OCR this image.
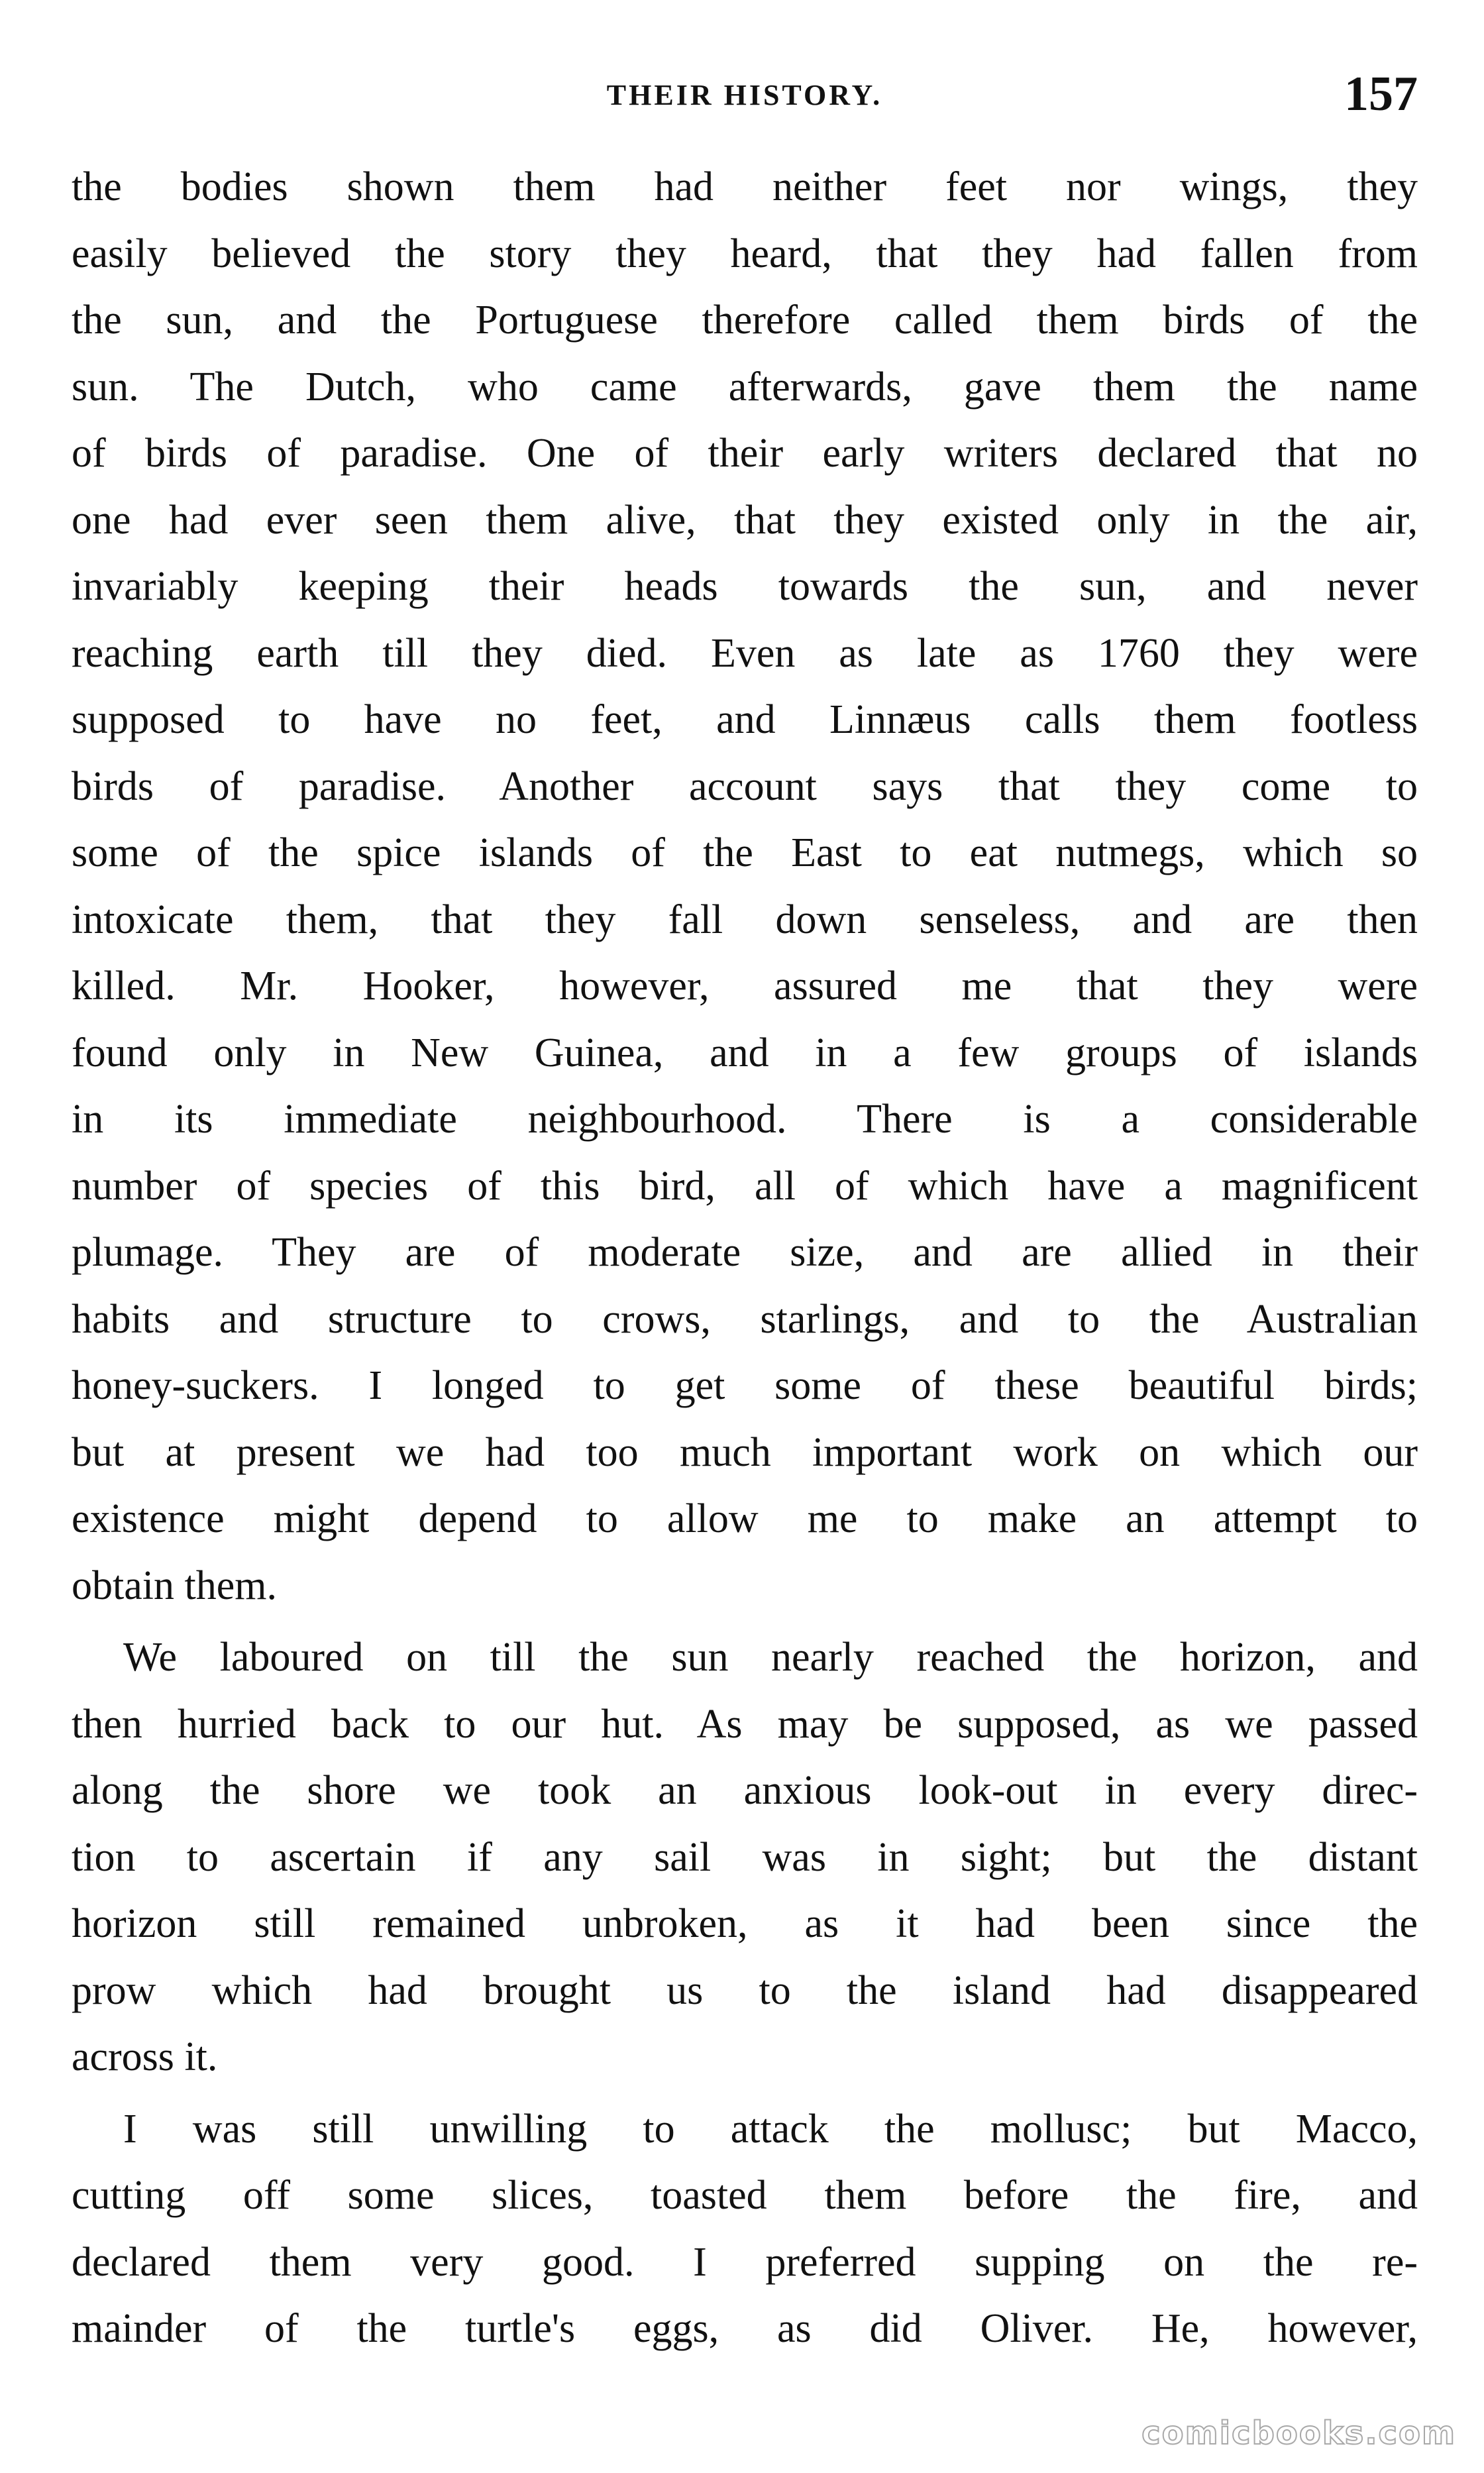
THEIR HISTORY.	157
the bodies shown them had neither feet nor wings, they
easily believed the story they heard, that they had fallen from
the sun, and the Portuguese therefore called them birds of the
sun. The Dutch, who came afterwards, gave them the name
of birds of paradise. One of their early writers declared that no
one had ever seen them alive, that they existed only in the air,
invariably keeping their heads towards the sun, and never
reaching earth till they died. Even as late as 1760 they were
supposed to have no feet, and Linnæus calls them footless
birds of paradise. Another account says that they come to
some of the spice islands of the East to eat nutmegs, which so
intoxicate them, that they fall down senseless, and are then
killed. Mr. Hooker, however, assured me that they were
found only in New Guinea, and in a few groups of islands
in its immediate neighbourhood. There is a considerable
number of species of this bird, all of which have a magnificent
plumage. They are of moderate size, and are allied in their
habits and structure to crows, starlings, and to the Australian
honey-suckers. I longed to get some of these beautiful birds;
but at present we had too much important work on which our
existence might depend to allow me to make an attempt to
obtain them.
We laboured on till the sun nearly reached the horizon, and
then hurried back to our hut. As may be supposed, as we passed
along the shore we took an anxious look-out in every direc-
tion to ascertain if any sail was in sight; but the distant
horizon still remained unbroken, as it had been since the
prow which had brought us to the island had disappeared
across it.
I was still unwilling to attack the mollusc; but Macco,
cutting off some slices, toasted them before the fire, and
declared them very good. I preferred supping on the re-
mainder of the turtle's eggs, as did Oliver. He, however,
comicbooks.com
